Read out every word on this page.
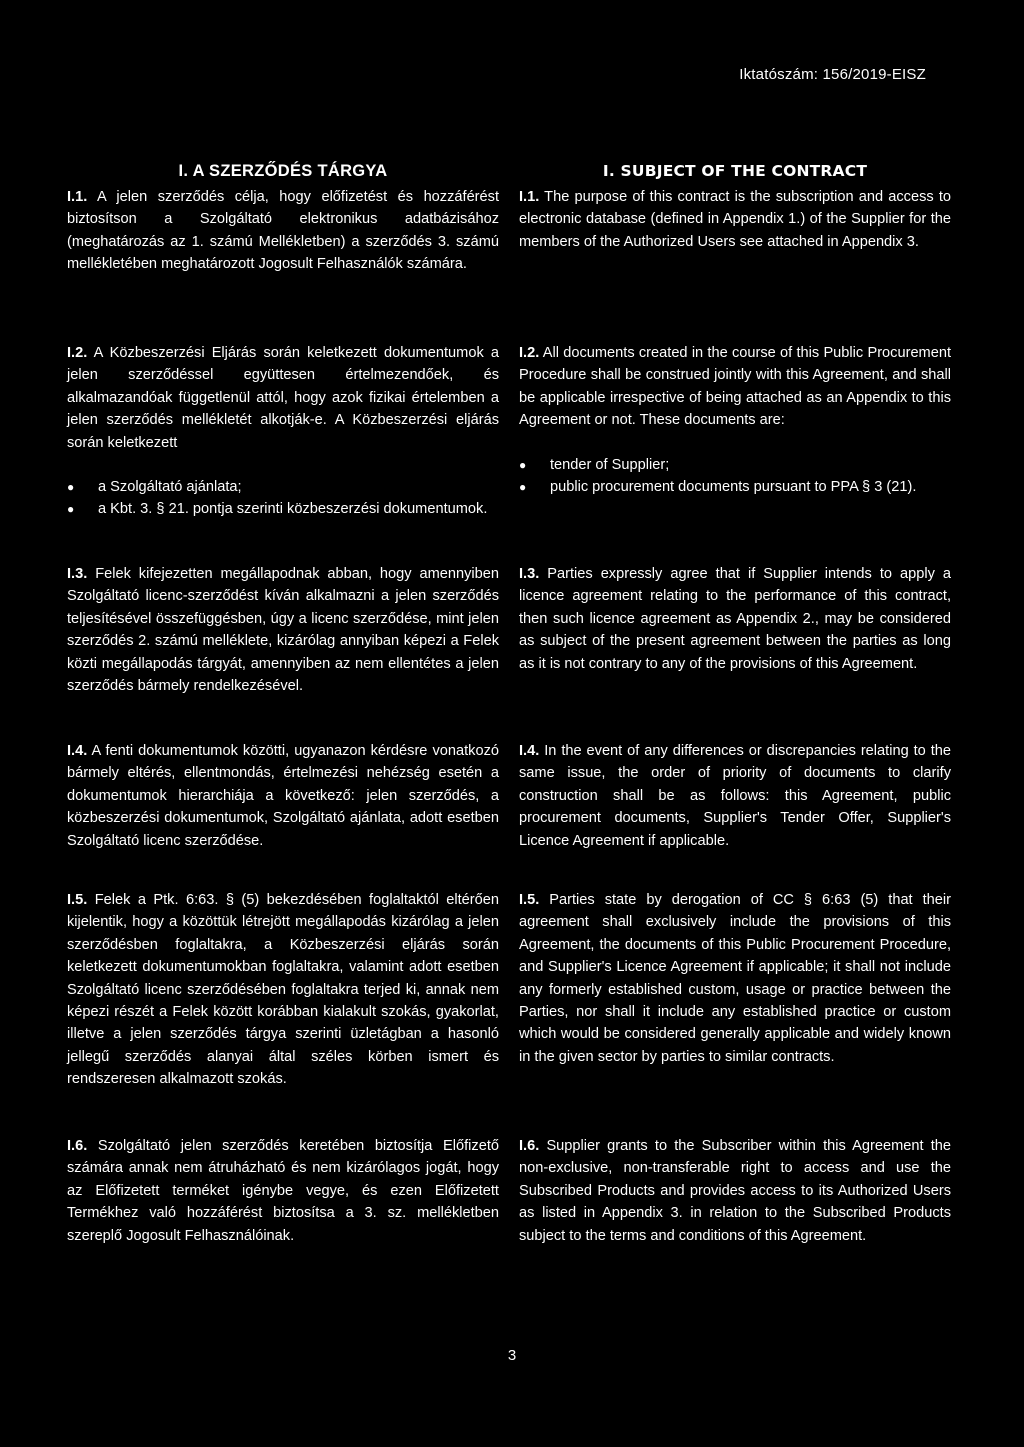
Iktatószám: 156/2019-EISZ
I. A SZERZŐDÉS TÁRGYA
I.1. A jelen szerződés célja, hogy előfizetést és hozzáférést biztosítson a Szolgáltató elektronikus adatbázisához (meghatározás az 1. számú Mellékletben) a szerződés 3. számú mellékletében meghatározott Jogosult Felhasználók számára.
I.2. A Közbeszerzési Eljárás során keletkezett dokumentumok a jelen szerződéssel együttesen értelmezendőek, és alkalmazandóak függetlenül attól, hogy azok fizikai értelemben a jelen szerződés mellékletét alkotják-e. A Közbeszerzési eljárás során keletkezett
● a Szolgáltató ajánlata;
● a Kbt. 3. § 21. pontja szerinti közbeszerzési dokumentumok.
I.3. Felek kifejezetten megállapodnak abban, hogy amennyiben Szolgáltató licenc-szerződést kíván alkalmazni a jelen szerződés teljesítésével összefüggésben, úgy a licenc szerződése, mint jelen szerződés 2. számú melléklete, kizárólag annyiban képezi a Felek közti megállapodás tárgyát, amennyiben az nem ellentétes a jelen szerződés bármely rendelkezésével.
I.4. A fenti dokumentumok közötti, ugyanazon kérdésre vonatkozó bármely eltérés, ellentmondás, értelmezési nehézség esetén a dokumentumok hierarchiája a következő: jelen szerződés, a közbeszerzési dokumentumok, Szolgáltató ajánlata, adott esetben Szolgáltató licenc szerződése.
I.5. Felek a Ptk. 6:63. § (5) bekezdésében foglaltaktól eltérően kijelentik, hogy a közöttük létrejött megállapodás kizárólag a jelen szerződésben foglaltakra, a Közbeszerzési eljárás során keletkezett dokumentumokban foglaltakra, valamint adott esetben Szolgáltató licenc szerződésében foglaltakra terjed ki, annak nem képezi részét a Felek között korábban kialakult szokás, gyakorlat, illetve a jelen szerződés tárgya szerinti üzletágban a hasonló jellegű szerződés alanyai által széles körben ismert és rendszeresen alkalmazott szokás.
I.6. Szolgáltató jelen szerződés keretében biztosítja Előfizető számára annak nem átruházható és nem kizárólagos jogát, hogy az Előfizetett terméket igénybe vegye, és ezen Előfizetett Termékhez való hozzáférést biztosítsa a 3. sz. mellékletben szereplő Jogosult Felhasználóinak.
I. SUBJECT OF THE CONTRACT
I.1. The purpose of this contract is the subscription and access to electronic database (defined in Appendix 1.) of the Supplier for the members of the Authorized Users see attached in Appendix 3.
I.2. All documents created in the course of this Public Procurement Procedure shall be construed jointly with this Agreement, and shall be applicable irrespective of being attached as an Appendix to this Agreement or not. These documents are:
● tender of Supplier;
● public procurement documents pursuant to PPA § 3 (21).
I.3. Parties expressly agree that if Supplier intends to apply a licence agreement relating to the performance of this contract, then such licence agreement as Appendix 2., may be considered as subject of the present agreement between the parties as long as it is not contrary to any of the provisions of this Agreement.
I.4. In the event of any differences or discrepancies relating to the same issue, the order of priority of documents to clarify construction shall be as follows: this Agreement, public procurement documents, Supplier's Tender Offer, Supplier's Licence Agreement if applicable.
I.5. Parties state by derogation of CC § 6:63 (5) that their agreement shall exclusively include the provisions of this Agreement, the documents of this Public Procurement Procedure, and Supplier's Licence Agreement if applicable; it shall not include any formerly established custom, usage or practice between the Parties, nor shall it include any established practice or custom which would be considered generally applicable and widely known in the given sector by parties to similar contracts.
I.6. Supplier grants to the Subscriber within this Agreement the non-exclusive, non-transferable right to access and use the Subscribed Products and provides access to its Authorized Users as listed in Appendix 3. in relation to the Subscribed Products subject to the terms and conditions of this Agreement.
3
